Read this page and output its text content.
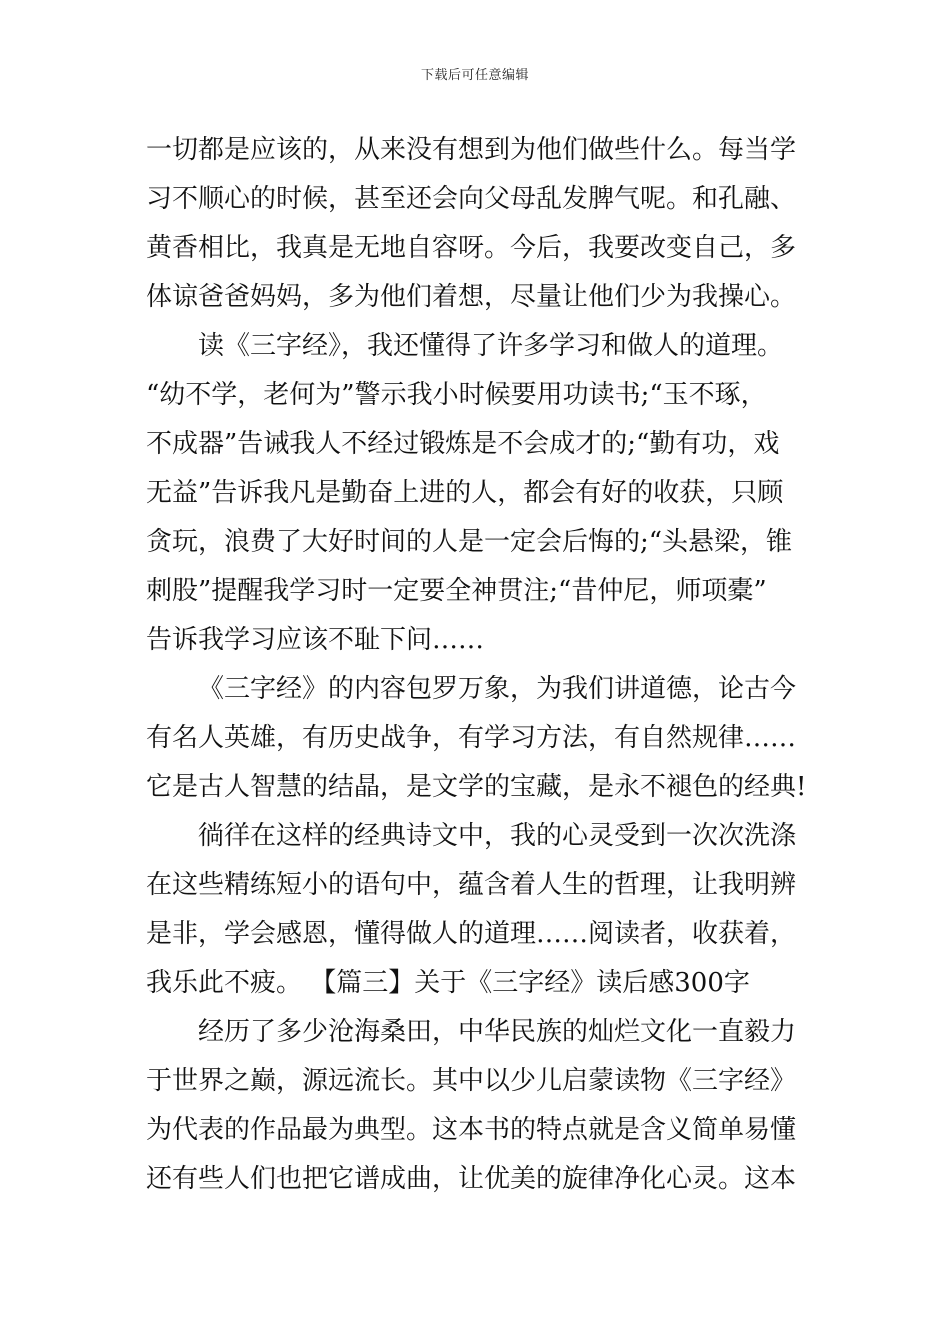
下载后可任意编辑
一切都是应该的，从来没有想到为他们做些什么。每当学
习不顺心的时候，甚至还会向父母乱发脾气呢。和孔融、
黄香相比，我真是无地自容呀。今后，我要改变自己，多
体谅爸爸妈妈，多为他们着想，尽量让他们少为我操心。
读《三字经》，我还懂得了许多学习和做人的道理。
“幼不学，老何为”警示我小时候要用功读书;“玉不琢，
不成器”告诫我人不经过锻炼是不会成才的;“勤有功，戏
无益”告诉我凡是勤奋上进的人，都会有好的收获，只顾
贪玩，浪费了大好时间的人是一定会后悔的;“头悬梁，锥
刺股”提醒我学习时一定要全神贯注;“昔仲尼，师项橐”
告诉我学习应该不耻下问……
《三字经》的内容包罗万象，为我们讲道德，论古今
有名人英雄，有历史战争，有学习方法，有自然规律……
它是古人智慧的结晶，是文学的宝藏，是永不褪色的经典!
徜徉在这样的经典诗文中，我的心灵受到一次次洗涤
在这些精练短小的语句中，蕴含着人生的哲理，让我明辨
是非，学会感恩，懂得做人的道理……阅读者，收获着，
我乐此不疲。 【篇三】关于《三字经》读后感300字
经历了多少沧海桑田，中华民族的灿烂文化一直毅力
于世界之巅，源远流长。其中以少儿启蒙读物《三字经》
为代表的作品最为典型。这本书的特点就是含义简单易懂
还有些人们也把它谱成曲，让优美的旋律净化心灵。这本
